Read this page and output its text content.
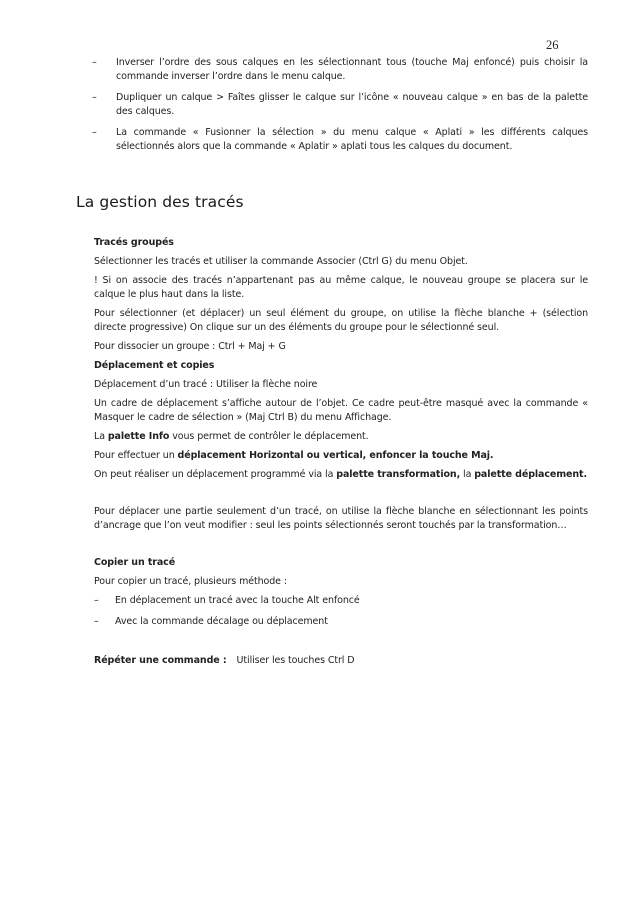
26
– Inverser l’ordre des sous calques en les sélectionnant tous (touche Maj enfoncé) puis choisir la commande inverser l’ordre dans le menu calque.
– Dupliquer un calque > Faîtes glisser le calque sur l’icône « nouveau calque » en bas de la palette des calques.
– La commande « Fusionner la sélection » du menu calque « Aplati » les différents calques sélectionnés alors que la commande « Aplatir » aplati tous les calques du document.
La gestion des tracés

Tracés groupés

Sélectionner les tracés et utiliser la commande Associer (Ctrl G) du menu Objet.

! Si on associe des tracés n’appartenant pas au même calque, le nouveau groupe se placera sur le calque le plus haut dans la liste.

Pour sélectionner (et déplacer) un seul élément du groupe, on utilise la flèche blanche + (sélection directe progressive) On clique sur un des éléments du groupe pour le sélectionné seul.

Pour dissocier un groupe : Ctrl + Maj + G

Déplacement et copies

Déplacement d’un tracé : Utiliser la flèche noire

Un cadre de déplacement s’affiche autour de l’objet. Ce cadre peut-être masqué avec la commande « Masquer le cadre de sélection » (Maj Ctrl B) du menu Affichage.

La palette Info vous permet de contrôler le déplacement.

Pour effectuer un déplacement Horizontal ou vertical, enfoncer la touche Maj.

On peut réaliser un déplacement programmé via la palette transformation, la palette déplacement.

Pour déplacer une partie seulement d’un tracé, on utilise la flèche blanche en sélectionnant les points d’ancrage que l’on veut modifier : seul les points sélectionnés seront touchés par la transformation…

Copier un tracé

Pour copier un tracé, plusieurs méthode :

– En déplacement un tracé avec la touche Alt enfoncé
– Avec la commande décalage ou déplacement

Répéter une commande : Utiliser les touches Ctrl D
